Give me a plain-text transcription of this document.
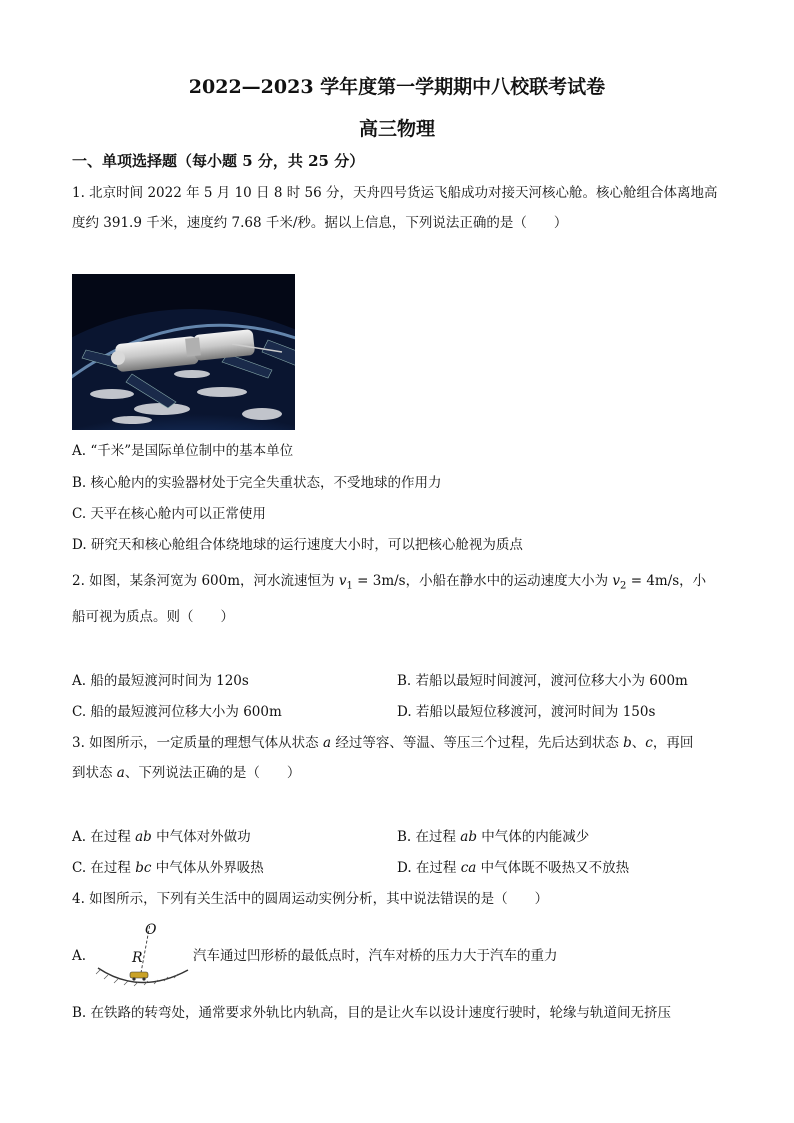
2022—2023 学年度第一学期期中八校联考试卷
高三物理
一、单项选择题（每小题 5 分，共 25 分）
1. 北京时间 2022 年 5 月 10 日 8 时 56 分，天舟四号货运飞船成功对接天河核心舱。核心舱组合体离地高
度约 391.9 千米，速度约 7.68 千米/秒。据以上信息，下列说法正确的是（　　）
A. “千米”是国际单位制中的基本单位
B. 核心舱内的实验器材处于完全失重状态，不受地球的作用力
C. 天平在核心舱内可以正常使用
D. 研究天和核心舱组合体绕地球的运行速度大小时，可以把核心舱视为质点
2. 如图，某条河宽为 600m，河水流速恒为 $v_1 = 3m/s$，小船在静水中的运动速度大小为 $v_2 = 4m/s$，小
船可视为质点。则（　　）
A. 船的最短渡河时间为 120s	B. 若船以最短时间渡河，渡河位移大小为 600m
C. 船的最短渡河位移大小为 600m	D. 若船以最短位移渡河，渡河时间为 150s
3. 如图所示，一定质量的理想气体从状态 a 经过等容、等温、等压三个过程，先后达到状态 b、c，再回
到状态 a、下列说法正确的是（　　）
A. 在过程 ab 中气体对外做功	B. 在过程 ab 中气体的内能减少
C. 在过程 bc 中气体从外界吸热	D. 在过程 ca 中气体既不吸热又不放热
4. 如图所示，下列有关生活中的圆周运动实例分析，其中说法错误的是（　　）
A.
O
R	汽车通过凹形桥的最低点时，汽车对桥的压力大于汽车的重力
B. 在铁路的转弯处，通常要求外轨比内轨高，目的是让火车以设计速度行驶时，轮缘与轨道间无挤压
